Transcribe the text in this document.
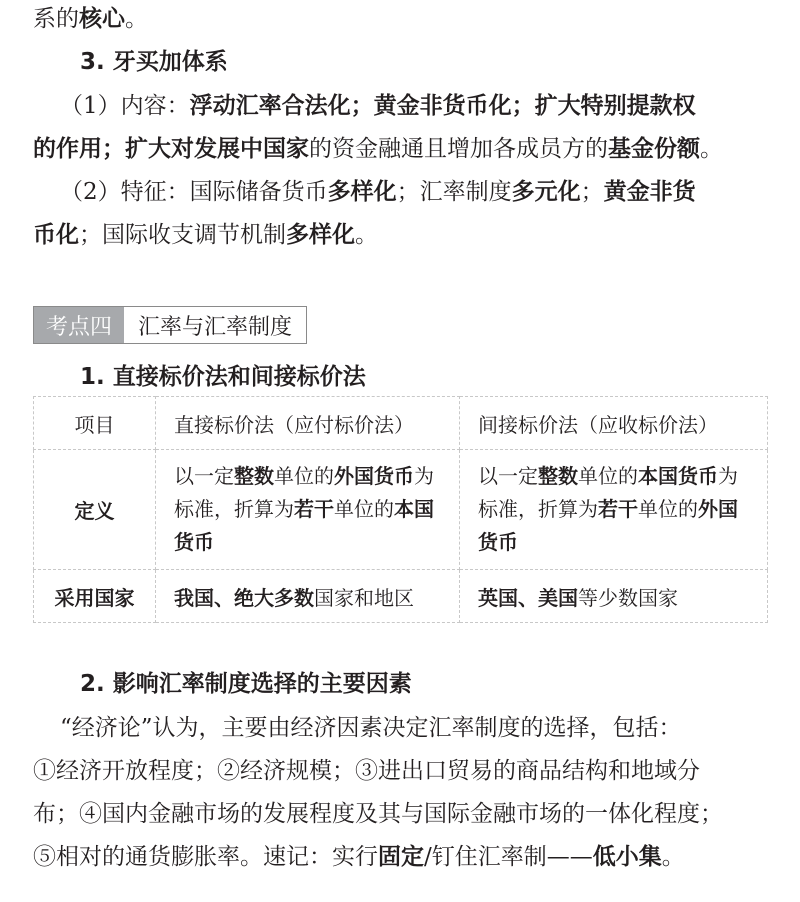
系的核心。
3. 牙买加体系
（1）内容：浮动汇率合法化；黄金非货币化；扩大特别提款权
的作用；扩大对发展中国家的资金融通且增加各成员方的基金份额。
（2）特征：国际储备货币多样化；汇率制度多元化；黄金非货
币化；国际收支调节机制多样化。
考点四	汇率与汇率制度
1. 直接标价法和间接标价法
项目	直接标价法（应付标价法）	间接标价法（应收标价法）
定义	以一定整数单位的外国货币为标准，折算为若干单位的本国货币	以一定整数单位的本国货币为标准，折算为若干单位的外国货币
采用国家	我国、绝大多数国家和地区	英国、美国等少数国家
2. 影响汇率制度选择的主要因素
“经济论”认为，主要由经济因素决定汇率制度的选择，包括：
①经济开放程度；②经济规模；③进出口贸易的商品结构和地域分
布；④国内金融市场的发展程度及其与国际金融市场的一体化程度；
⑤相对的通货膨胀率。速记：实行固定/钉住汇率制——低小集。
